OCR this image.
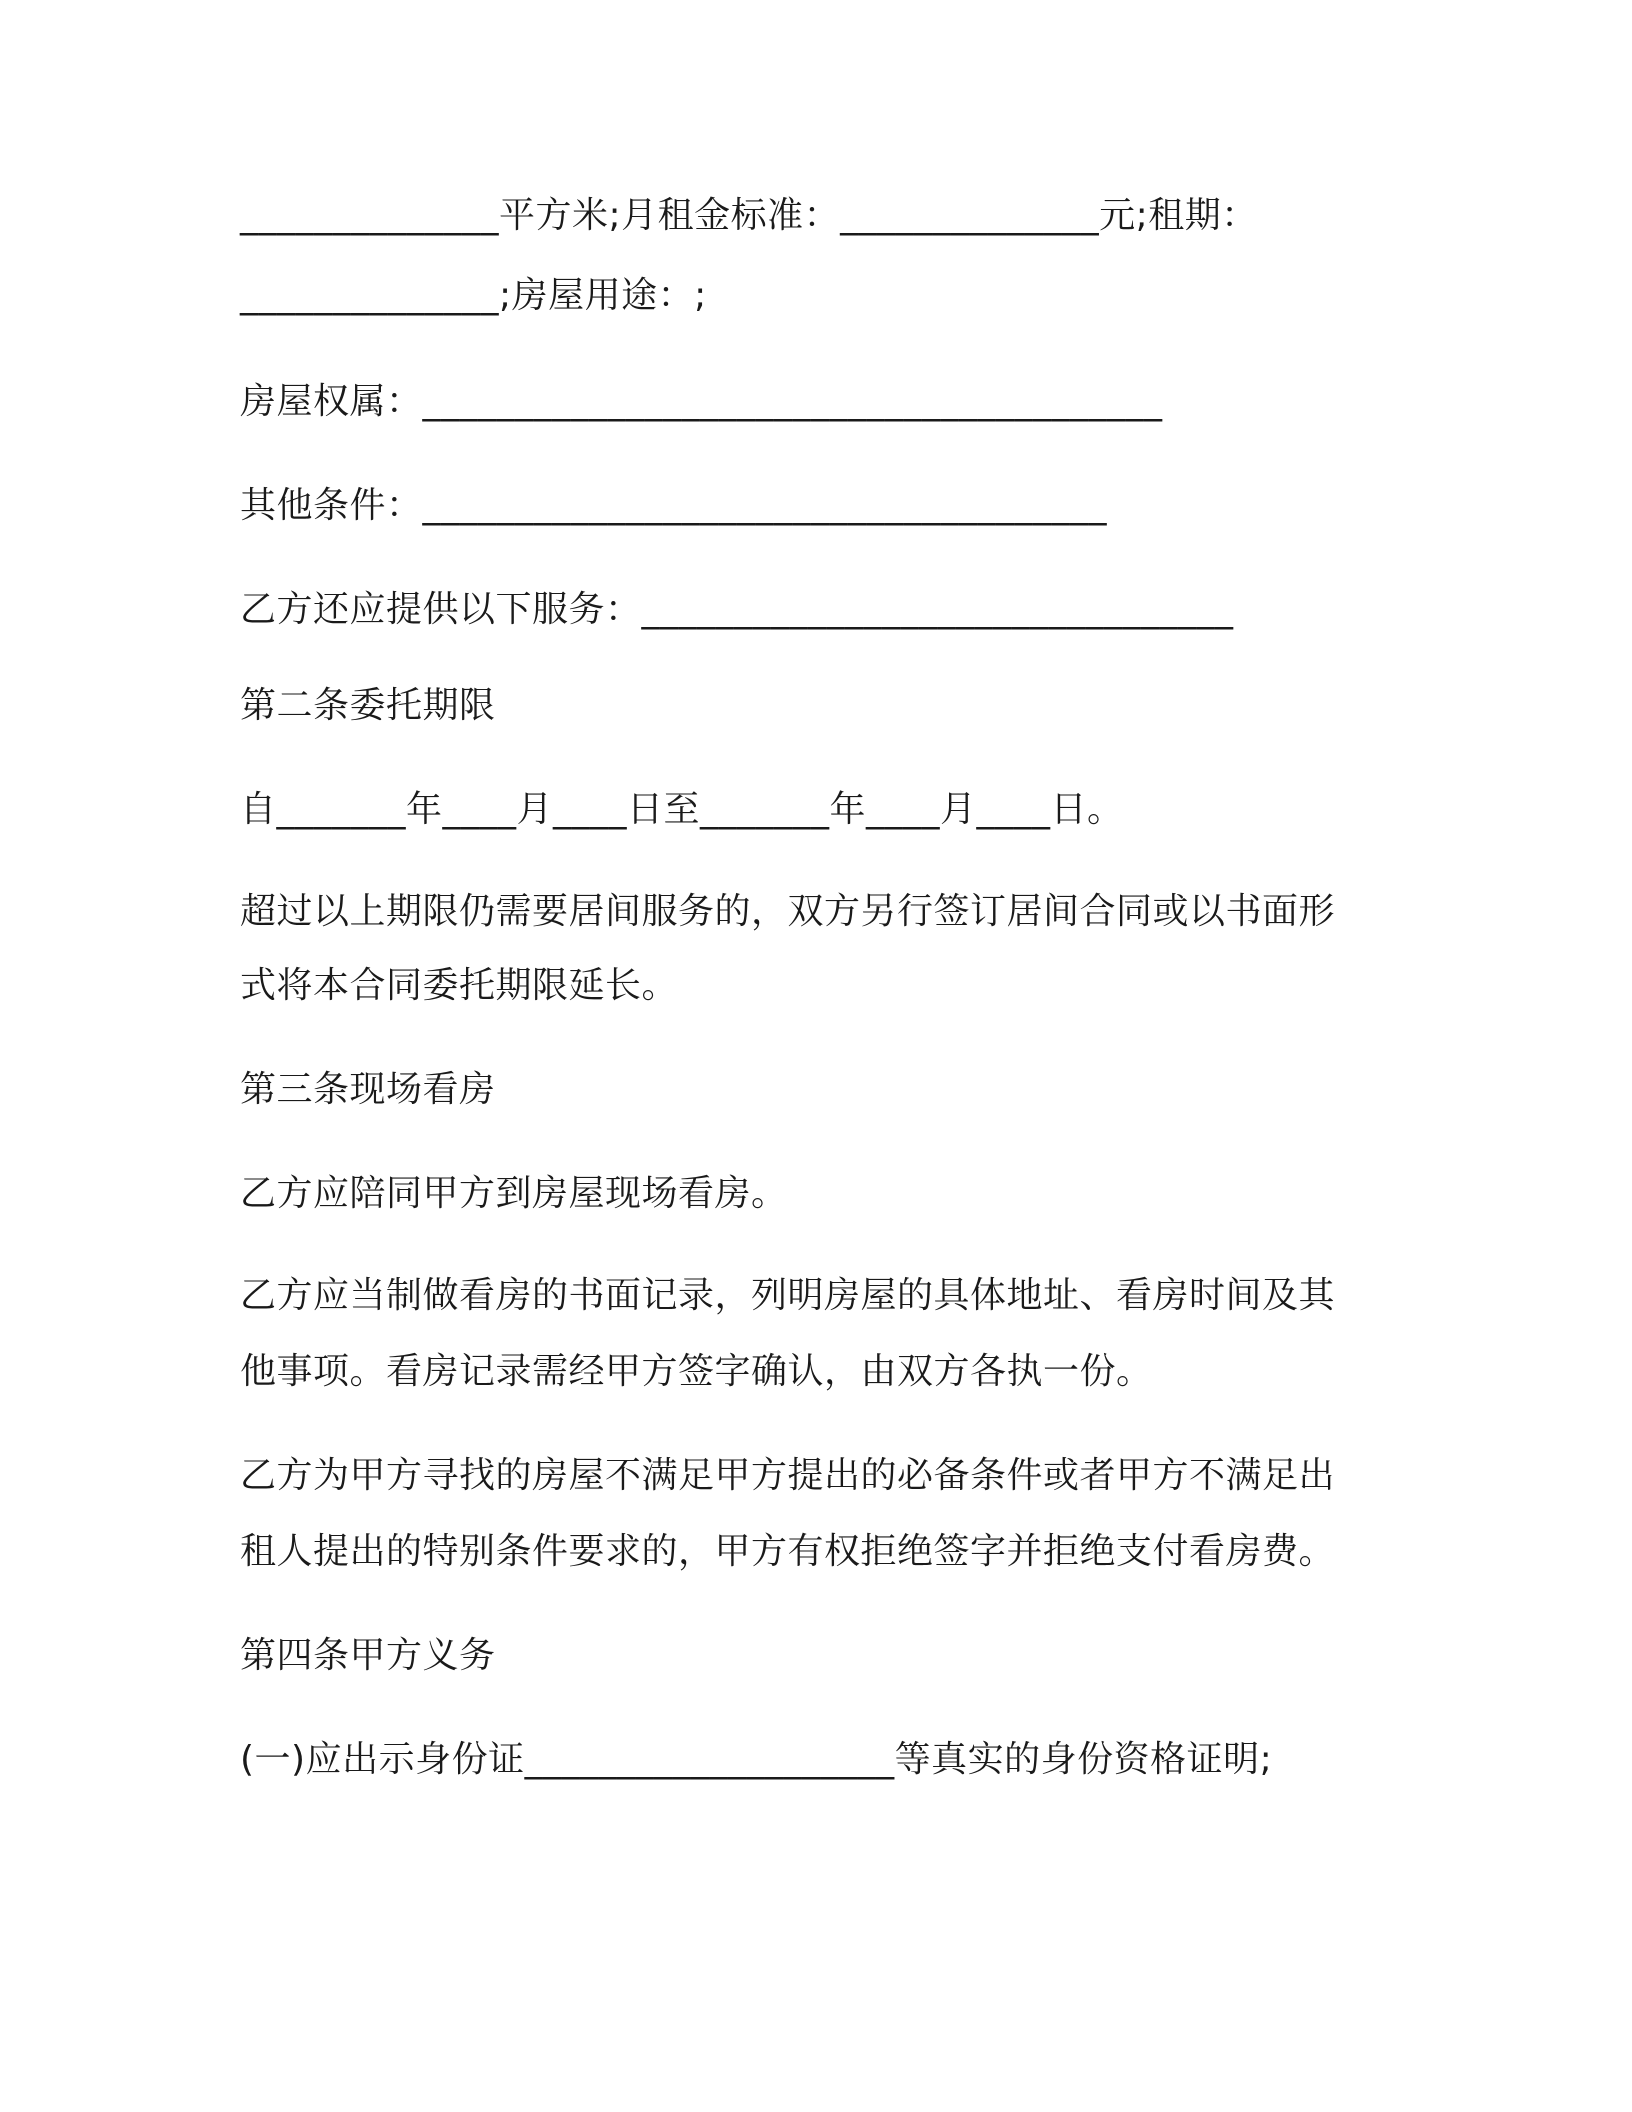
______________平方米;月租金标准：______________元;租期：
______________;房屋用途：;
房屋权属：________________________________________
其他条件：_____________________________________
乙方还应提供以下服务：________________________________
第二条委托期限
自_______年____月____日至_______年____月____日。
超过以上期限仍需要居间服务的，双方另行签订居间合同或以书面形
式将本合同委托期限延长。
第三条现场看房
乙方应陪同甲方到房屋现场看房。
乙方应当制做看房的书面记录，列明房屋的具体地址、看房时间及其
他事项。看房记录需经甲方签字确认，由双方各执一份。
乙方为甲方寻找的房屋不满足甲方提出的必备条件或者甲方不满足出
租人提出的特别条件要求的，甲方有权拒绝签字并拒绝支付看房费。
第四条甲方义务
(一)应出示身份证____________________等真实的身份资格证明;
